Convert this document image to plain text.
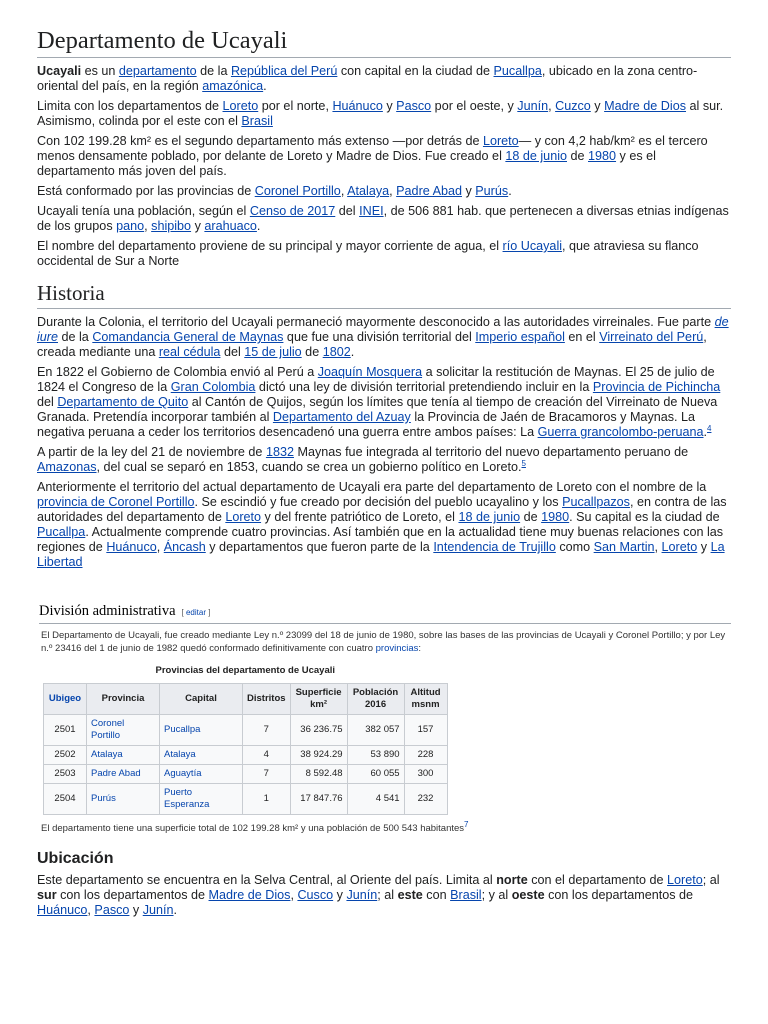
Departamento de Ucayali

Ucayali es un departamento de la República del Perú con capital en la ciudad de Pucallpa, ubicado en la zona centro-oriental del país, en la región amazónica.

Limita con los departamentos de Loreto por el norte, Huánuco y Pasco por el oeste, y Junín, Cuzco y Madre de Dios al sur. Asimismo, colinda por el este con el Brasil

Con 102 199.28 km² es el segundo departamento más extenso —por detrás de Loreto— y con 4,2 hab/km² es el tercero menos densamente poblado, por delante de Loreto y Madre de Dios. Fue creado el 18 de junio de 1980 y es el departamento más joven del país.

Está conformado por las provincias de Coronel Portillo, Atalaya, Padre Abad y Purús.

Ucayali tenía una población, según el Censo de 2017 del INEI, de 506 881 hab. que pertenecen a diversas etnias indígenas de los grupos pano, shipibo y arahuaco.

El nombre del departamento proviene de su principal y mayor corriente de agua, el río Ucayali, que atraviesa su flanco occidental de Sur a Norte

Historia

Durante la Colonia, el territorio del Ucayali permaneció mayormente desconocido a las autoridades virreinales. Fue parte de iure de la Comandancia General de Maynas que fue una división territorial del Imperio español en el Virreinato del Perú, creada mediante una real cédula del 15 de julio de 1802.

En 1822 el Gobierno de Colombia envió al Perú a Joaquín Mosquera a solicitar la restitución de Maynas. El 25 de julio de 1824 el Congreso de la Gran Colombia dictó una ley de división territorial pretendiendo incluir en la Provincia de Pichincha del Departamento de Quito al Cantón de Quijos, según los límites que tenía al tiempo de creación del Virreinato de Nueva Granada. Pretendía incorporar también al Departamento del Azuay la Provincia de Jaén de Bracamoros y Maynas. La negativa peruana a ceder los territorios desencadenó una guerra entre ambos países: La Guerra grancolombo-peruana.$^4$

A partir de la ley del 21 de noviembre de 1832 Maynas fue integrada al territorio del nuevo departamento peruano de Amazonas, del cual se separó en 1853, cuando se crea un gobierno político en Loreto.$^5$

Anteriormente el territorio del actual departamento de Ucayali era parte del departamento de Loreto con el nombre de la provincia de Coronel Portillo. Se escindió y fue creado por decisión del pueblo ucayalino y los Pucallpazos, en contra de las autoridades del departamento de Loreto y del frente patriótico de Loreto, el 18 de junio de 1980. Su capital es la ciudad de Pucallpa. Actualmente comprende cuatro provincias. Así también que en la actualidad tiene muy buenas relaciones con las regiones de Huánuco, Áncash y departamentos que fueron parte de la Intendencia de Trujillo como San Martin, Loreto y La Libertad

División administrativa [ editar ]
El Departamento de Ucayali, fue creado mediante Ley n.º 23099 del 18 de junio de 1980, sobre las bases de las provincias de Ucayali y Coronel Portillo; y por Ley n.º 23416 del 1 de junio de 1982 quedó conformado definitivamente con cuatro provincias:
Provincias del departamento de Ucayali
Ubigeo	Provincia	Capital	Distritos	Superficie km²	Población 2016	Altitud msnm
2501	Coronel Portillo	Pucallpa	7	36 236.75	382 057	157
2502	Atalaya	Atalaya	4	38 924.29	53 890	228
2503	Padre Abad	Aguaytía	7	8 592.48	60 055	300
2504	Purús	Puerto Esperanza	1	17 847.76	4 541	232
El departamento tiene una superficie total de 102 199.28 km² y una población de 500 543 habitantes$^7$
Ubicación

Este departamento se encuentra en la Selva Central, al Oriente del país. Limita al norte con el departamento de Loreto; al sur con los departamentos de Madre de Dios, Cusco y Junín; al este con Brasil; y al oeste con los departamentos de Huánuco, Pasco y Junín.
